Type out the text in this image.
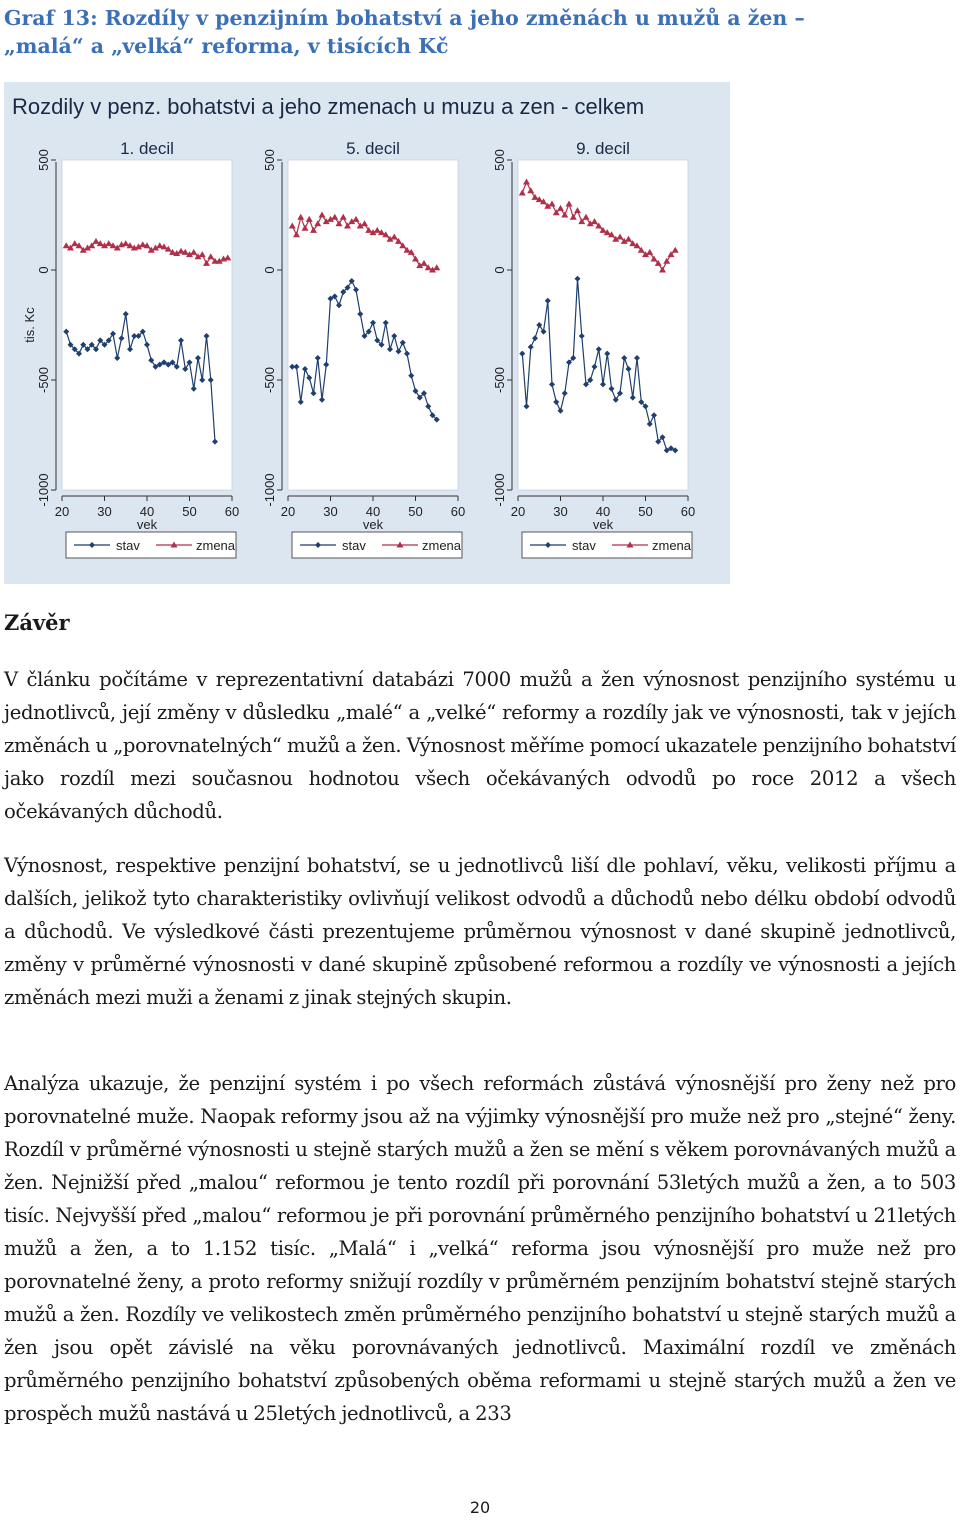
Graf 13: Rozdíly v penzijním bohatství a jeho změnách u mužů a žen –
„malá“ a „velká“ reforma, v tisících Kč
Rozdily v penz. bohatstvi a jeho zmenach u muzu a zen - celkem
1. decil
-1000
-500
0
500
tis. Kc
20 30 40 50 60
vek
stav	zmena
5. decil
-1000
-500
0
500
20 30 40 50 60
vek
stav	zmena
9. decil
-1000
-500
0
500
20 30 40 50 60
vek
stav	zmena
Závěr

V článku počítáme v reprezentativní databázi 7000 mužů a žen výnosnost penzijního systému u jednotlivců, její změny v důsledku „malé“ a „velké“ reformy a rozdíly jak ve výnosnosti, tak v jejích změnách u „porovnatelných“ mužů a žen. Výnosnost měříme pomocí ukazatele penzijního bohatství jako rozdíl mezi současnou hodnotou všech očekávaných odvodů po roce 2012 a všech očekávaných důchodů.

Výnosnost, respektive penzijní bohatství, se u jednotlivců liší dle pohlaví, věku, velikosti příjmu a dalších, jelikož tyto charakteristiky ovlivňují velikost odvodů a důchodů nebo délku období odvodů a důchodů. Ve výsledkové části prezentujeme průměrnou výnosnost v dané skupině jednotlivců, změny v průměrné výnosnosti v dané skupině způsobené reformou a rozdíly ve výnosnosti a jejích změnách mezi muži a ženami z jinak stejných skupin.

Analýza ukazuje, že penzijní systém i po všech reformách zůstává výnosnější pro ženy než pro porovnatelné muže. Naopak reformy jsou až na výjimky výnosnější pro muže než pro „stejné“ ženy. Rozdíl v průměrné výnosnosti u stejně starých mužů a žen se mění s věkem porovnávaných mužů a žen. Nejnižší před „malou“ reformou je tento rozdíl při porovnání 53letých mužů a žen, a to 503 tisíc. Nejvyšší před „malou“ reformou je při porovnání průměrného penzijního bohatství u 21letých mužů a žen, a to 1.152 tisíc. „Malá“ i „velká“ reforma jsou výnosnější pro muže než pro porovnatelné ženy, a proto reformy snižují rozdíly v průměrném penzijním bohatství stejně starých mužů a žen. Rozdíly ve velikostech změn průměrného penzijního bohatství u stejně starých mužů a žen jsou opět závislé na věku porovnávaných jednotlivců. Maximální rozdíl ve změnách průměrného penzijního bohatství způsobených oběma reformami u stejně starých mužů a žen ve prospěch mužů nastává u 25letých jednotlivců, a 233

20
